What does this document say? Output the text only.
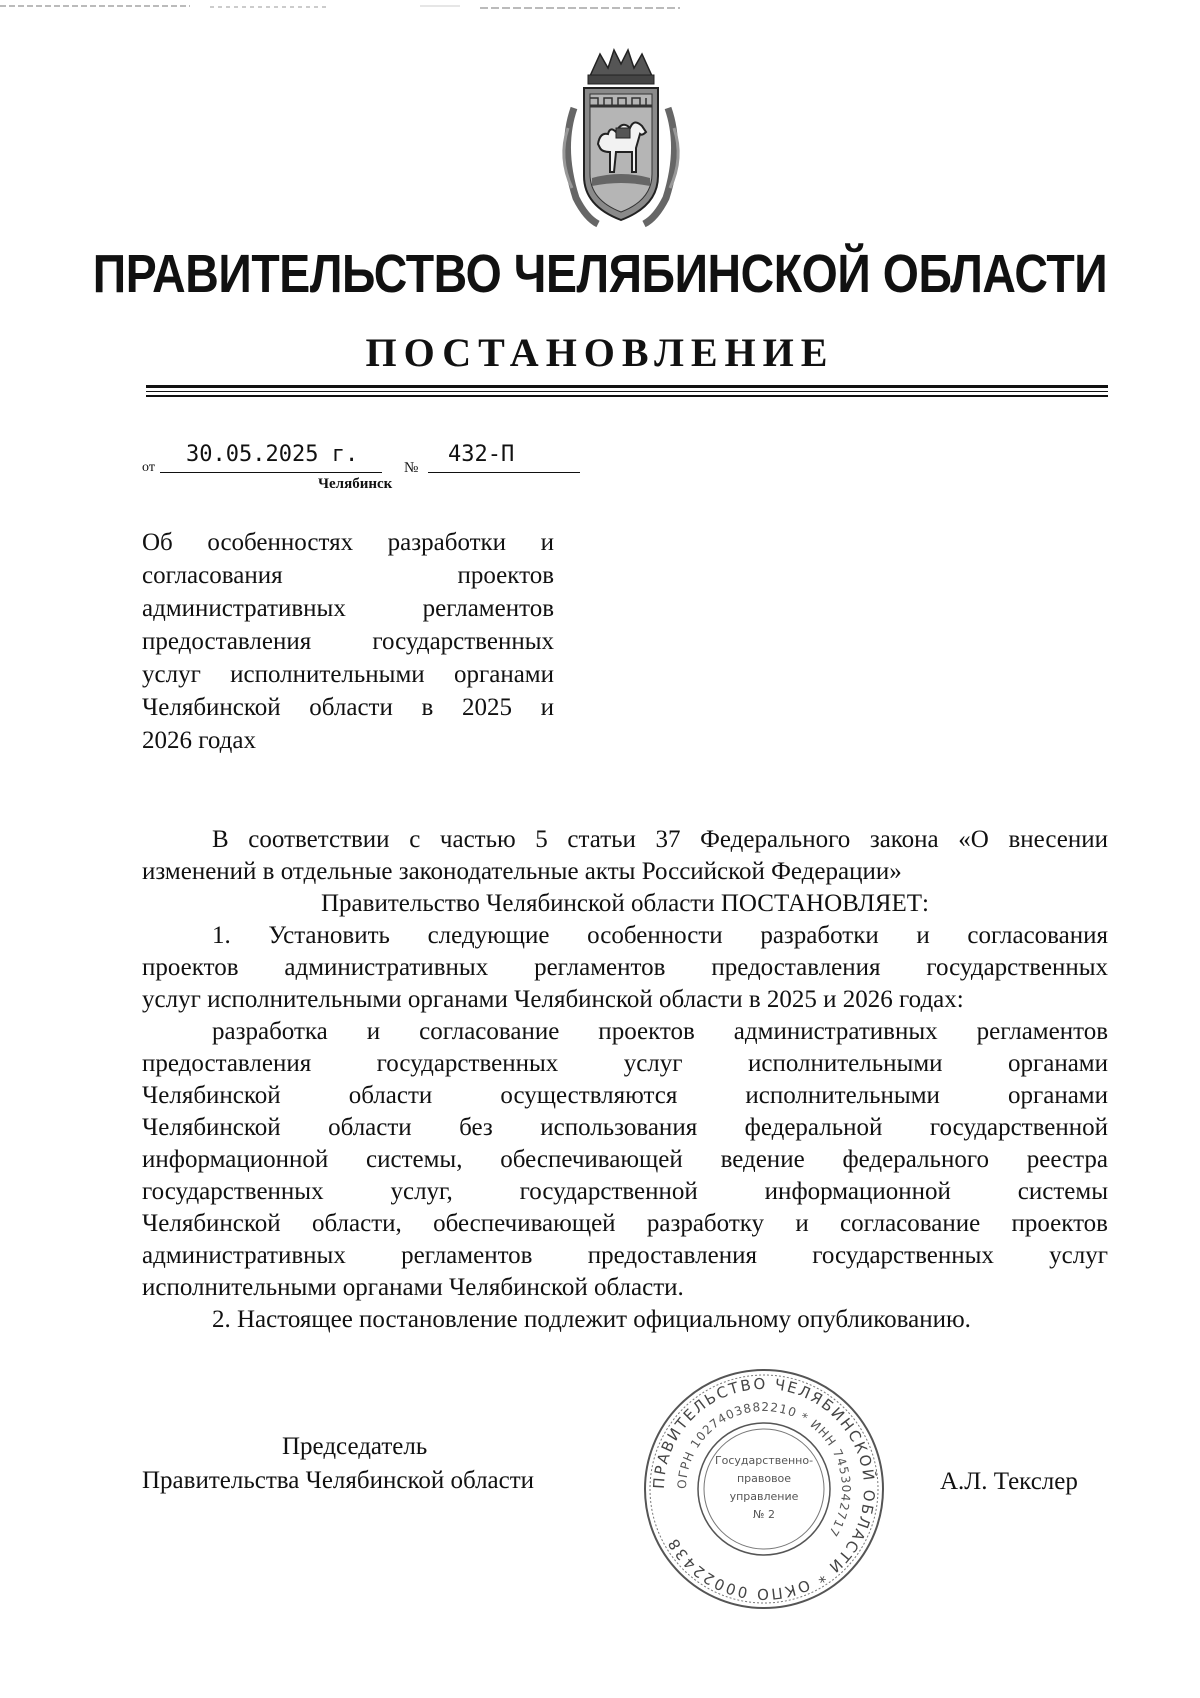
ПРАВИТЕЛЬСТВО ЧЕЛЯБИНСКОЙ ОБЛАСТИ
ПОСТАНОВЛЕНИЕ
от
30.05.2025 г.
№
432-П
Челябинск
Об особенностях разработки и
согласования проектов
административных регламентов
предоставления государственных
услуг исполнительными органами
Челябинской области в 2025 и
2026 годах
В соответствии с частью 5 статьи 37 Федерального закона «О внесении
изменений в отдельные законодательные акты Российской Федерации»
Правительство Челябинской области ПОСТАНОВЛЯЕТ:
1. Установить следующие особенности разработки и согласования
проектов административных регламентов предоставления государственных
услуг исполнительными органами Челябинской области в 2025 и 2026 годах:
разработка и согласование проектов административных регламентов
предоставления государственных услуг исполнительными органами
Челябинской области осуществляются исполнительными органами
Челябинской области без использования федеральной государственной
информационной системы, обеспечивающей ведение федерального реестра
государственных услуг, государственной информационной системы
Челябинской области, обеспечивающей разработку и согласование проектов
административных регламентов предоставления государственных услуг
исполнительными органами Челябинской области.
2. Настоящее постановление подлежит официальному опубликованию.
Председатель
Правительства Челябинской области	А.Л. Текслер
ПРАВИТЕЛЬСТВО ЧЕЛЯБИНСКОЙ ОБЛАСТИ * ОКПО 00022438
ОГРН 1027403882210 * ИНН 7453042717
Государственно-
правовое
управление
№ 2
